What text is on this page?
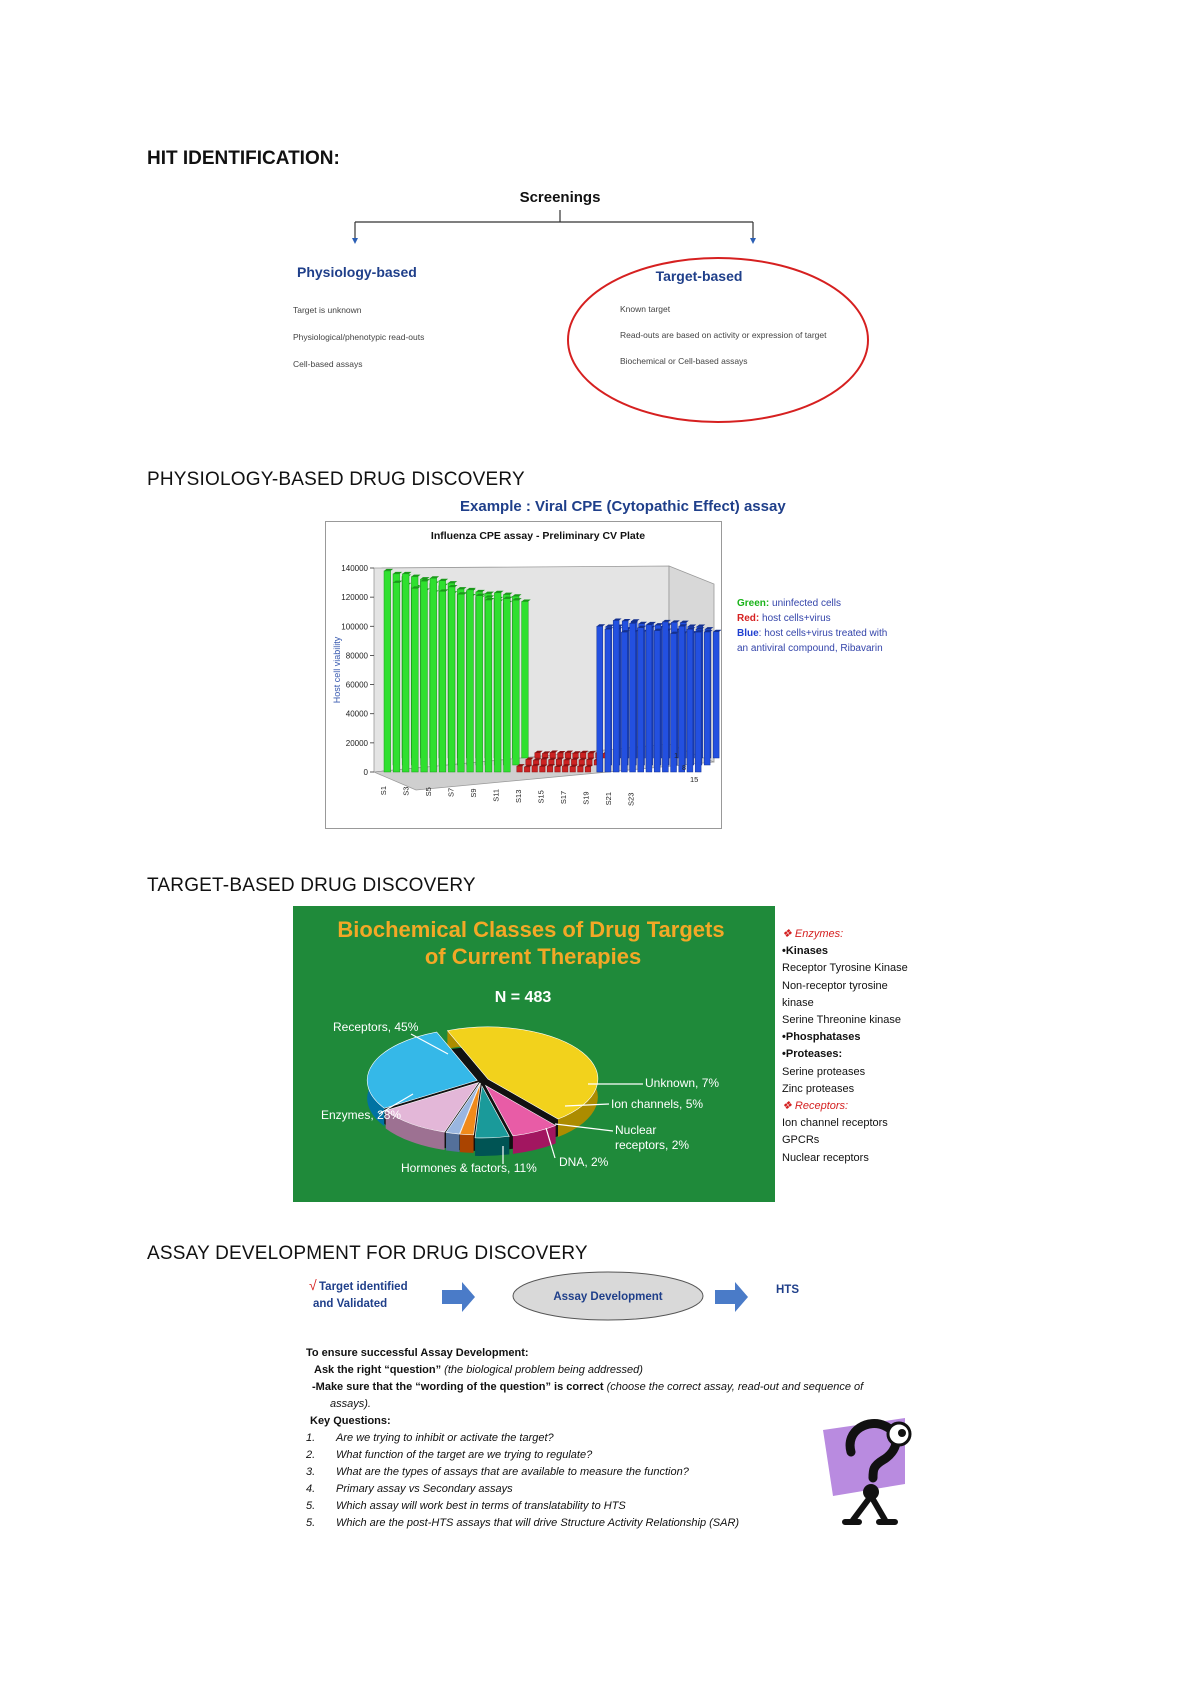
HIT IDENTIFICATION:
Screenings
Physiology-based
Target is unknown
Physiological/phenotypic read-outs
Cell-based assays
Target-based
Known target
Read-outs are based on activity or expression of target
Biochemical or Cell-based assays
PHYSIOLOGY-BASED DRUG DISCOVERY
Example : Viral CPE (Cytopathic Effect) assay
Influenza CPE assay - Preliminary CV Plate
Host cell viability
0
20000
40000
60000
80000
100000
120000
140000
S1 S3 S5 S7 S9 S11 S13 S15 S17 S19 S21 S23
1
8
15
Green: uninfected cells
Red: host cells+virus
Blue: host cells+virus treated with
an antiviral compound, Ribavarin
TARGET-BASED DRUG DISCOVERY
Biochemical Classes of Drug Targets
of Current Therapies
N = 483
Receptors, 45%
Unknown, 7%
Ion channels, 5%
Nuclear
DNA, 2%
Hormones & factors, 11%
Enzymes, 28%
receptors, 2%
❖ Enzymes:
•Kinases
Receptor Tyrosine Kinase
Non-receptor tyrosine
kinase
Serine Threonine kinase
•Phosphatases
•Proteases:
Serine proteases
Zinc proteases
❖ Receptors:
Ion channel receptors
GPCRs
Nuclear receptors
ASSAY DEVELOPMENT FOR DRUG DISCOVERY
√ Target identified
and Validated
Assay Development
HTS
To ensure successful Assay Development:
Ask the right “question” (the biological problem being addressed)
-Make sure that the “wording of the question” is correct (choose the correct assay, read-out and sequence of
assays).
Key Questions:
1.	Are we trying to inhibit or activate the target?
2.	What function of the target are we trying to regulate?
3.	What are the types of assays that are available to measure the function?
4.	Primary assay vs Secondary assays
5.	Which assay will work best in terms of translatability to HTS
5.	Which are the post-HTS assays that will drive Structure Activity Relationship (SAR)
